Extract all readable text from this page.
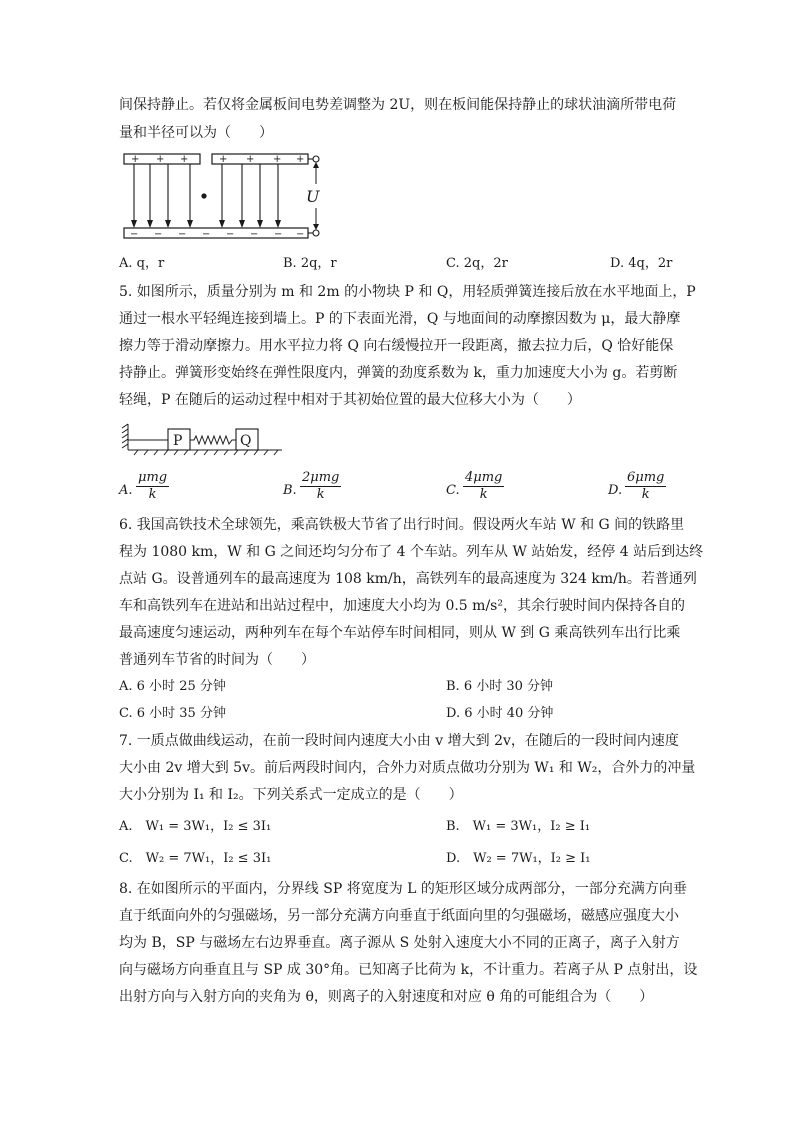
间保持静止。若仅将金属板间电势差调整为 2U，则在板间能保持静止的球状油滴所带电荷
量和半径可以为（　　）
+ + +	+ + + +
− − − − − − − −
U
A. q，r	B. 2q，r	C. 2q，2r	D. 4q，2r
5. 如图所示，质量分别为 m 和 2m 的小物块 P 和 Q，用轻质弹簧连接后放在水平地面上，P
通过一根水平轻绳连接到墙上。P 的下表面光滑，Q 与地面间的动摩擦因数为 μ，最大静摩
擦力等于滑动摩擦力。用水平拉力将 Q 向右缓慢拉开一段距离，撤去拉力后，Q 恰好能保
持静止。弹簧形变始终在弹性限度内，弹簧的劲度系数为 k，重力加速度大小为 g。若剪断
轻绳，P 在随后的运动过程中相对于其初始位置的最大位移大小为（　　）
P	Q
A.
μmg
k	B.
2μmg
k	C.
4μmg
k	D.
6μmg
k
6. 我国高铁技术全球领先，乘高铁极大节省了出行时间。假设两火车站 W 和 G 间的铁路里
程为 1080 km，W 和 G 之间还均匀分布了 4 个车站。列车从 W 站始发，经停 4 站后到达终
点站 G。设普通列车的最高速度为 108 km/h，高铁列车的最高速度为 324 km/h。若普通列
车和高铁列车在进站和出站过程中，加速度大小均为 0.5 m/s²，其余行驶时间内保持各自的
最高速度匀速运动，两种列车在每个车站停车时间相同，则从 W 到 G 乘高铁列车出行比乘
普通列车节省的时间为（　　）
A. 6 小时 25 分钟	B. 6 小时 30 分钟
C. 6 小时 35 分钟	D. 6 小时 40 分钟
7. 一质点做曲线运动，在前一段时间内速度大小由 v 增大到 2v，在随后的一段时间内速度
大小由 2v 增大到 5v。前后两段时间内，合外力对质点做功分别为 W₁ 和 W₂，合外力的冲量
大小分别为 I₁ 和 I₂。下列关系式一定成立的是（　　）
A.　W₁ = 3W₁，I₂ ≤ 3I₁	B.　W₁ = 3W₁，I₂ ≥ I₁
C.　W₂ = 7W₁，I₂ ≤ 3I₁	D.　W₂ = 7W₁，I₂ ≥ I₁
8. 在如图所示的平面内，分界线 SP 将宽度为 L 的矩形区域分成两部分，一部分充满方向垂
直于纸面向外的匀强磁场，另一部分充满方向垂直于纸面向里的匀强磁场，磁感应强度大小
均为 B，SP 与磁场左右边界垂直。离子源从 S 处射入速度大小不同的正离子，离子入射方
向与磁场方向垂直且与 SP 成 30°角。已知离子比荷为 k，不计重力。若离子从 P 点射出，设
出射方向与入射方向的夹角为 θ，则离子的入射速度和对应 θ 角的可能组合为（　　）
